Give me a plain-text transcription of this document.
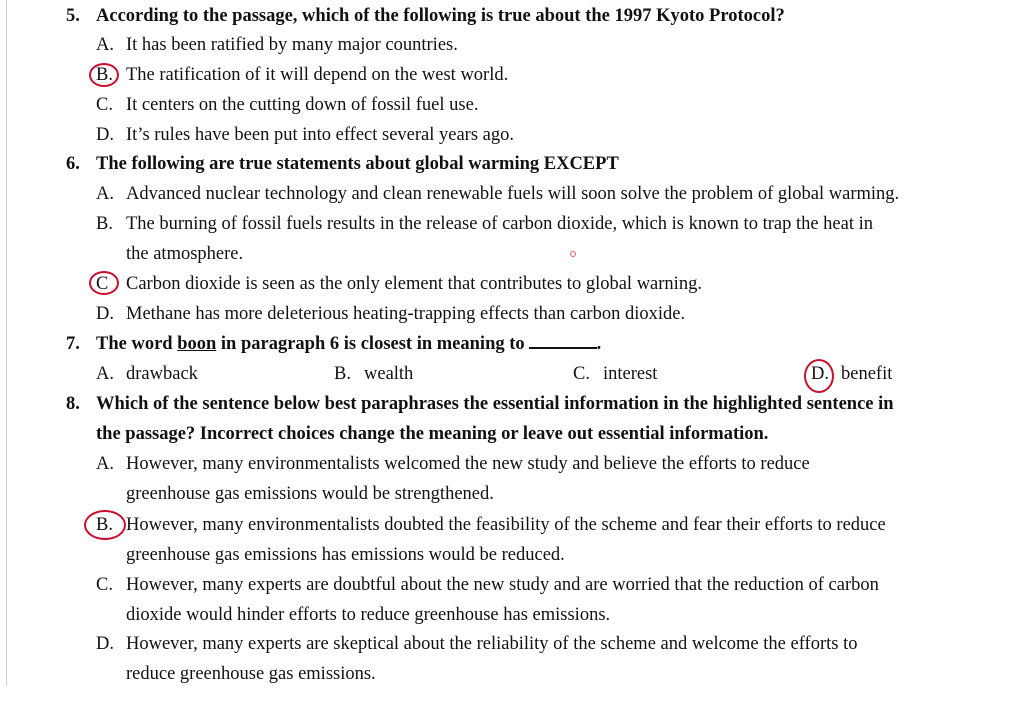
5. According to the passage, which of the following is true about the 1997 Kyoto Protocol?
A. It has been ratified by many major countries.
B. The ratification of it will depend on the west world.
C. It centers on the cutting down of fossil fuel use.
D. It’s rules have been put into effect several years ago.
6. The following are true statements about global warming EXCEPT
A. Advanced nuclear technology and clean renewable fuels will soon solve the problem of global warming.
B. The burning of fossil fuels results in the release of carbon dioxide, which is known to trap the heat in
the atmosphere.
C Carbon dioxide is seen as the only element that contributes to global warning.
D. Methane has more deleterious heating-trapping effects than carbon dioxide.
7. The word boon in paragraph 6 is closest in meaning to	.
A. drawback	B. wealth	C. interest	D. benefit
8. Which of the sentence below best paraphrases the essential information in the highlighted sentence in
the passage? Incorrect choices change the meaning or leave out essential information.
A. However, many environmentalists welcomed the new study and believe the efforts to reduce
greenhouse gas emissions would be strengthened.
B. However, many environmentalists doubted the feasibility of the scheme and fear their efforts to reduce
greenhouse gas emissions has emissions would be reduced.
C. However, many experts are doubtful about the new study and are worried that the reduction of carbon
dioxide would hinder efforts to reduce greenhouse has emissions.
D. However, many experts are skeptical about the reliability of the scheme and welcome the efforts to
reduce greenhouse gas emissions.
